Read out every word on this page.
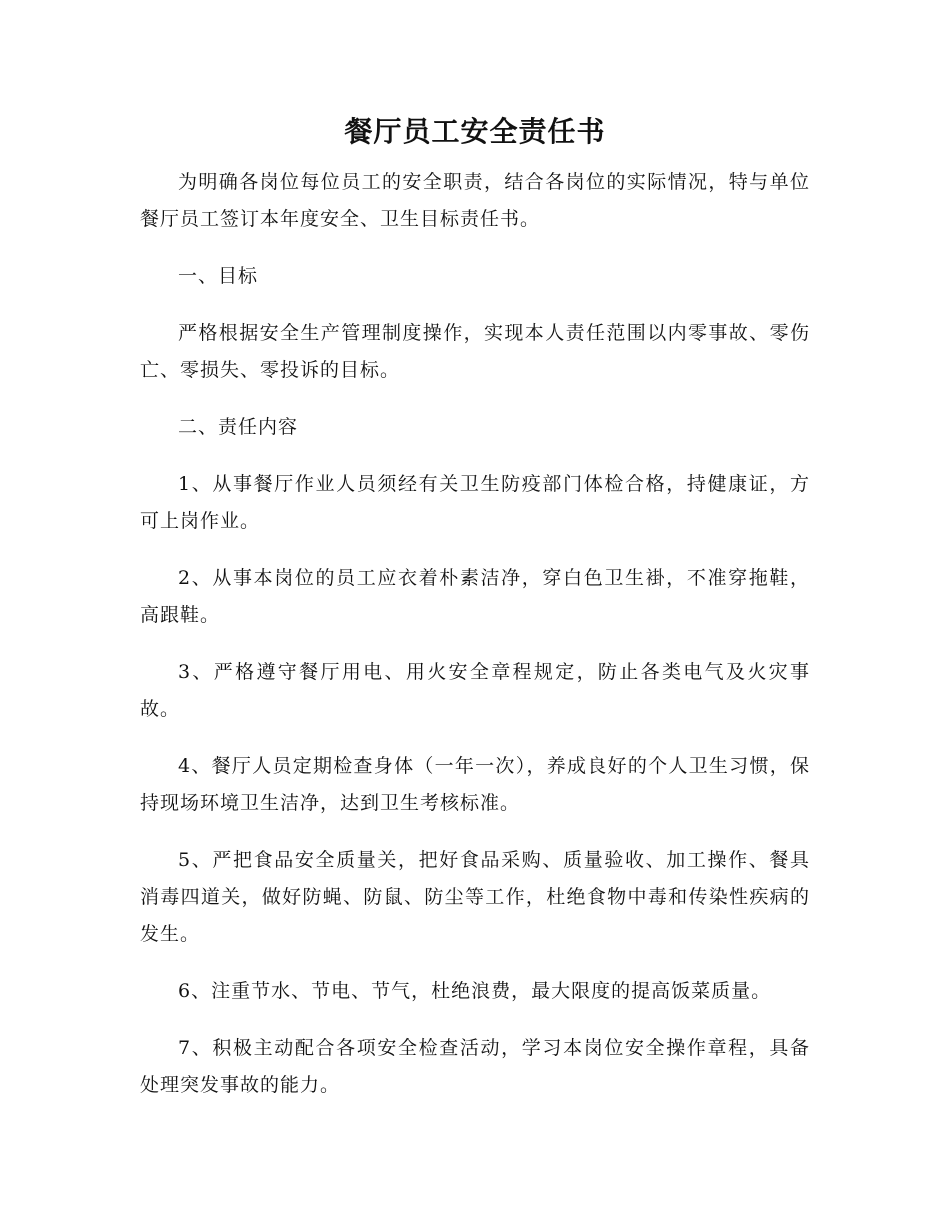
餐厅员工安全责任书

为明确各岗位每位员工的安全职责，结合各岗位的实际情况，特与单位餐厅员工签订本年度安全、卫生目标责任书。

一、目标

严格根据安全生产管理制度操作，实现本人责任范围以内零事故、零伤亡、零损失、零投诉的目标。

二、责任内容

1、从事餐厅作业人员须经有关卫生防疫部门体检合格，持健康证，方可上岗作业。

2、从事本岗位的员工应衣着朴素洁净，穿白色卫生褂，不准穿拖鞋，高跟鞋。

3、严格遵守餐厅用电、用火安全章程规定，防止各类电气及火灾事故。

4、餐厅人员定期检查身体（一年一次），养成良好的个人卫生习惯，保持现场环境卫生洁净，达到卫生考核标准。

5、严把食品安全质量关，把好食品采购、质量验收、加工操作、餐具消毒四道关，做好防蝇、防鼠、防尘等工作，杜绝食物中毒和传染性疾病的发生。

6、注重节水、节电、节气，杜绝浪费，最大限度的提高饭菜质量。

7、积极主动配合各项安全检查活动，学习本岗位安全操作章程，具备处理突发事故的能力。
